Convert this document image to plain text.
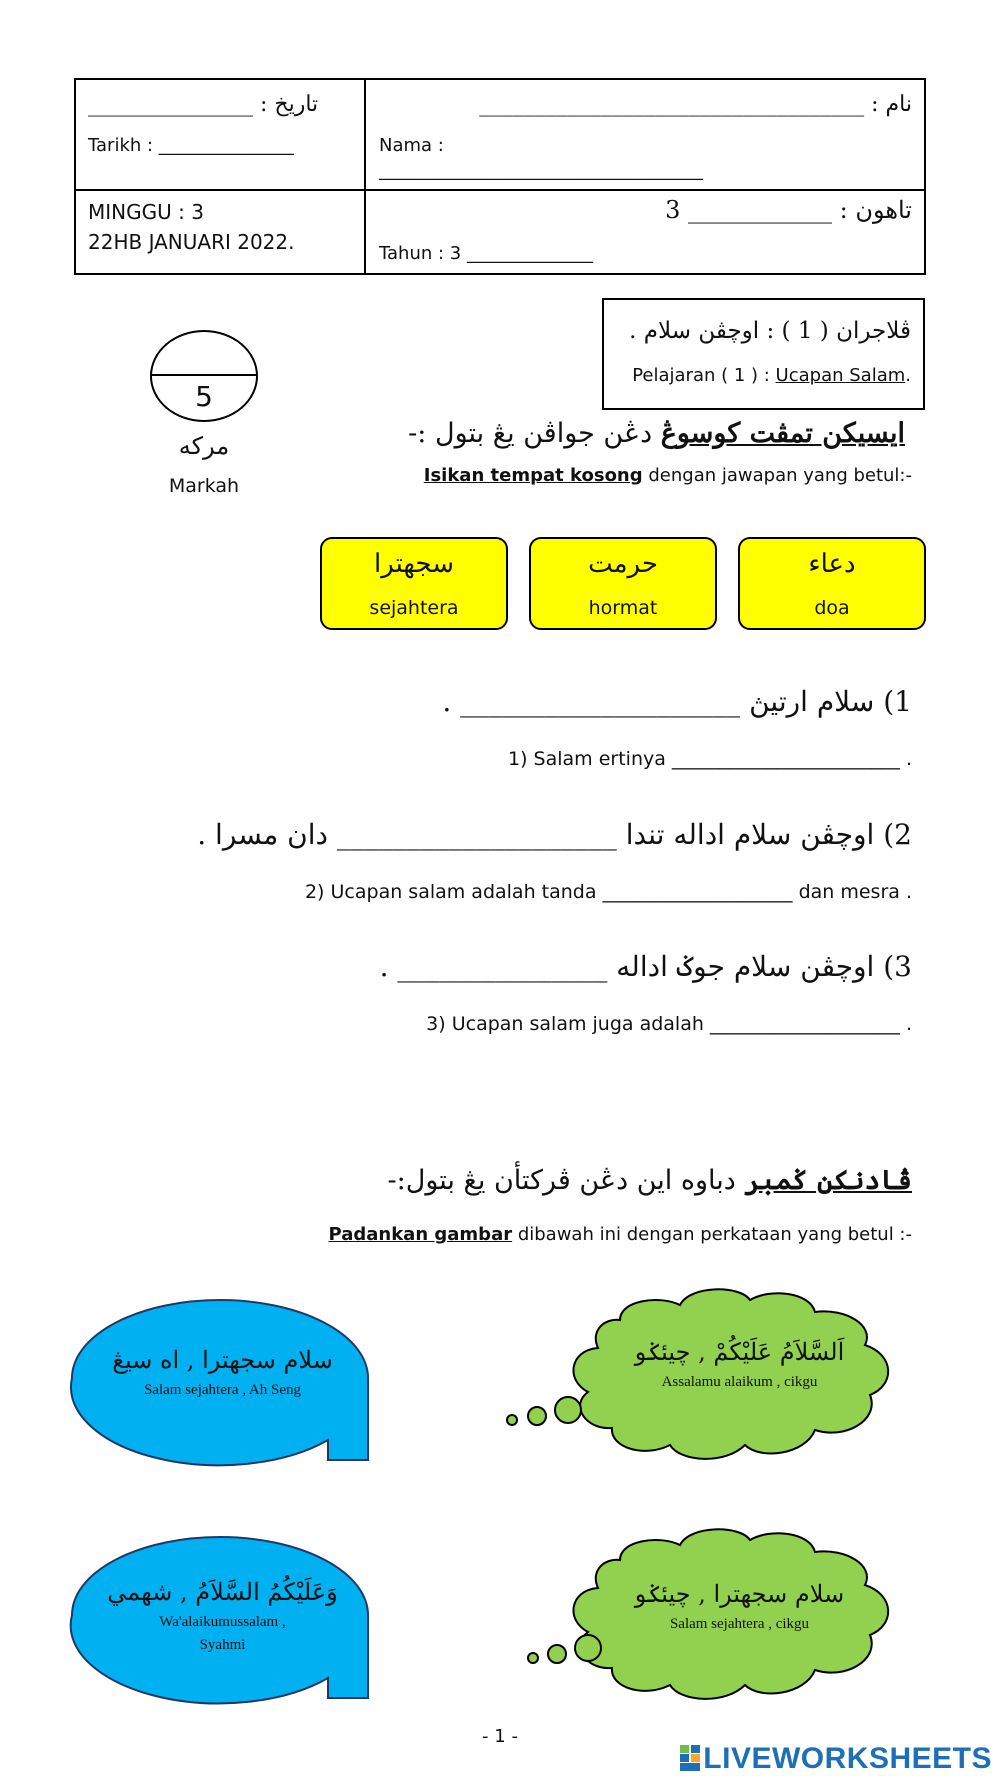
_______________ : تاريخ
Tarikh : _______________
نام : ___________________________________
Nama :
____________________________________
MINGGU : 3
22HB JANUARI 2022.
تاهون : ____________ 3
Tahun : 3 ______________
ڤلاجران ( 1 ) : اوچڤن سلام .
Pelajaran ( 1 ) : Ucapan Salam.
5
مركه
Markah
ايسيكن تمڤت كوسوڠ دڠن جواڤن يڠ بتول :-
Isikan tempat kosong dengan jawapan yang betul:-
سجهترا
sejahtera
حرمت
hormat
دعاء
doa
1) سلام ارتيڽ ____________________ .
1) Salam ertinya ________________________ .
2) اوچڤن سلام اداله تندا ____________________ دان مسرا .
2) Ucapan salam adalah tanda ____________________ dan mesra .
3) اوچڤن سلام جوݢ اداله _______________ .
3) Ucapan salam juga adalah ____________________ .
ڤادنكن ݢمبر دباوه اين دڠن ڤركتأن يڠ بتول:-
Padankan gambar dibawah ini dengan perkataan yang betul :-
سلام سجهترا , اه سيڠ
Salam sejahtera , Ah Seng
اَلسَّلاَمُ عَلَيْكُمْ , چيئݢو
Assalamu alaikum , cikgu
وَعَلَيْكُمُ السَّلاَمُ , شهمي
Wa'alaikumussalam ,
Syahmi
سلام سجهترا , چيئݢو
Salam sejahtera , cikgu
- 1 -
LIVEWORKSHEETS
